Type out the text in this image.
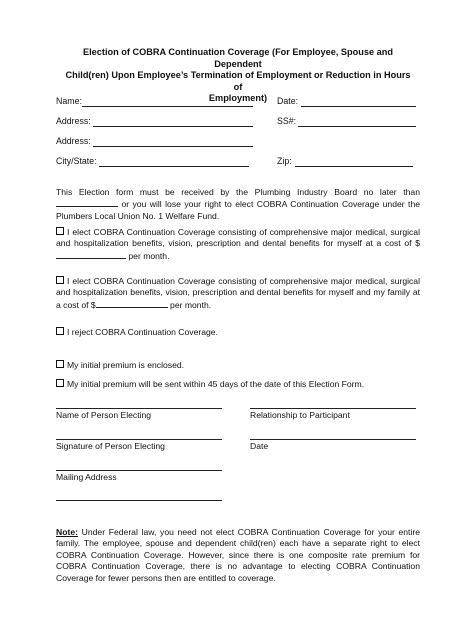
Election of COBRA Continuation Coverage (For Employee, Spouse and Dependent
Child(ren) Upon Employee’s Termination of Employment or Reduction in Hours of
Employment)
Name:	Date:
Address:	SS#:
Address:
City/State:	Zip:
This Election form must be received by the Plumbing Industry Board no later than  or you will lose your right to elect COBRA Continuation Coverage under the Plumbers Local Union No. 1 Welfare Fund.
I elect COBRA Continuation Coverage consisting of comprehensive major medical, surgical and hospitalization benefits, vision, prescription and dental benefits for myself at a cost of $ per month.
I elect COBRA Continuation Coverage consisting of comprehensive major medical, surgical and hospitalization benefits, vision, prescription and dental benefits for myself and my family at a cost of $	per month.
I reject COBRA Continuation Coverage.
My initial premium is enclosed.
My initial premium will be sent within 45 days of the date of this Election Form.
Name of Person Electing	Relationship to Participant
Signature of Person Electing	Date
Mailing Address
Note: Under Federal law, you need not elect COBRA Continuation Coverage for your entire family. The employee, spouse and dependent child(ren) each have a separate right to elect COBRA Continuation Coverage. However, since there is one composite rate premium for COBRA Continuation Coverage, there is no advantage to electing COBRA Continuation Coverage for fewer persons then are entitled to coverage.
